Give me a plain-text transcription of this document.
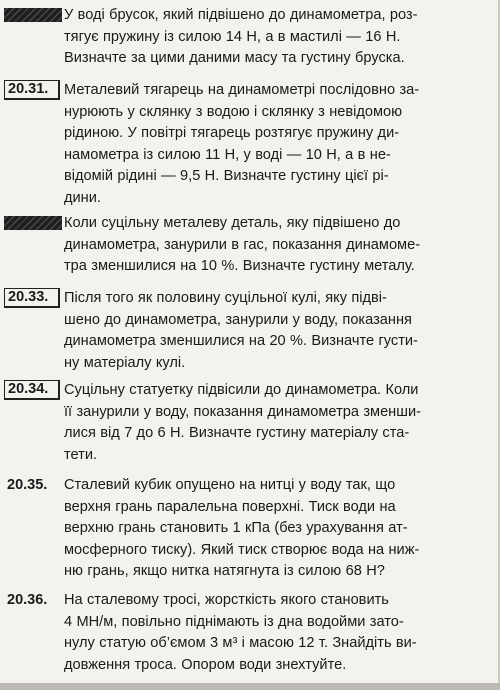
У воді брусок, який підвішено до динамометра, роз-
тягує пружину із силою 14 Н, а в мастилі — 16 Н.
Визначте за цими даними масу та густину бруска.
20.31.	Металевий тягарець на динамометрі послідовно за-
нурюють у склянку з водою і склянку з невідомою
рідиною. У повітрі тягарець розтягує пружину ди-
намометра із силою 11 Н, у воді — 10 Н, а в не-
відомій рідині — 9,5 Н. Визначте густину цієї рі-
дини.
Коли суцільну металеву деталь, яку підвішено до
динамометра, занурили в гас, показання динамоме-
тра зменшилися на 10 %. Визначте густину металу.
20.33.	Після того як половину суцільної кулі, яку підві-
шено до динамометра, занурили у воду, показання
динамометра зменшилися на 20 %. Визначте густи-
ну матеріалу кулі.
20.34.	Суцільну статуетку підвісили до динамометра. Коли
її занурили у воду, показання динамометра зменши-
лися від 7 до 6 Н. Визначте густину матеріалу ста-
тети.
20.35.	Сталевий кубик опущено на нитці у воду так, що
верхня грань паралельна поверхні. Тиск води на
верхню грань становить 1 кПа (без урахування ат-
мосферного тиску). Який тиск створює вода на ниж-
ню грань, якщо нитка натягнута із силою 68 Н?
20.36.	На сталевому тросі, жорсткість якого становить
4 МН/м, повільно піднімають із дна водойми зато-
нулу статую об’ємом 3 м³ і масою 12 т. Знайдіть ви-
довження троса. Опором води знехтуйте.
